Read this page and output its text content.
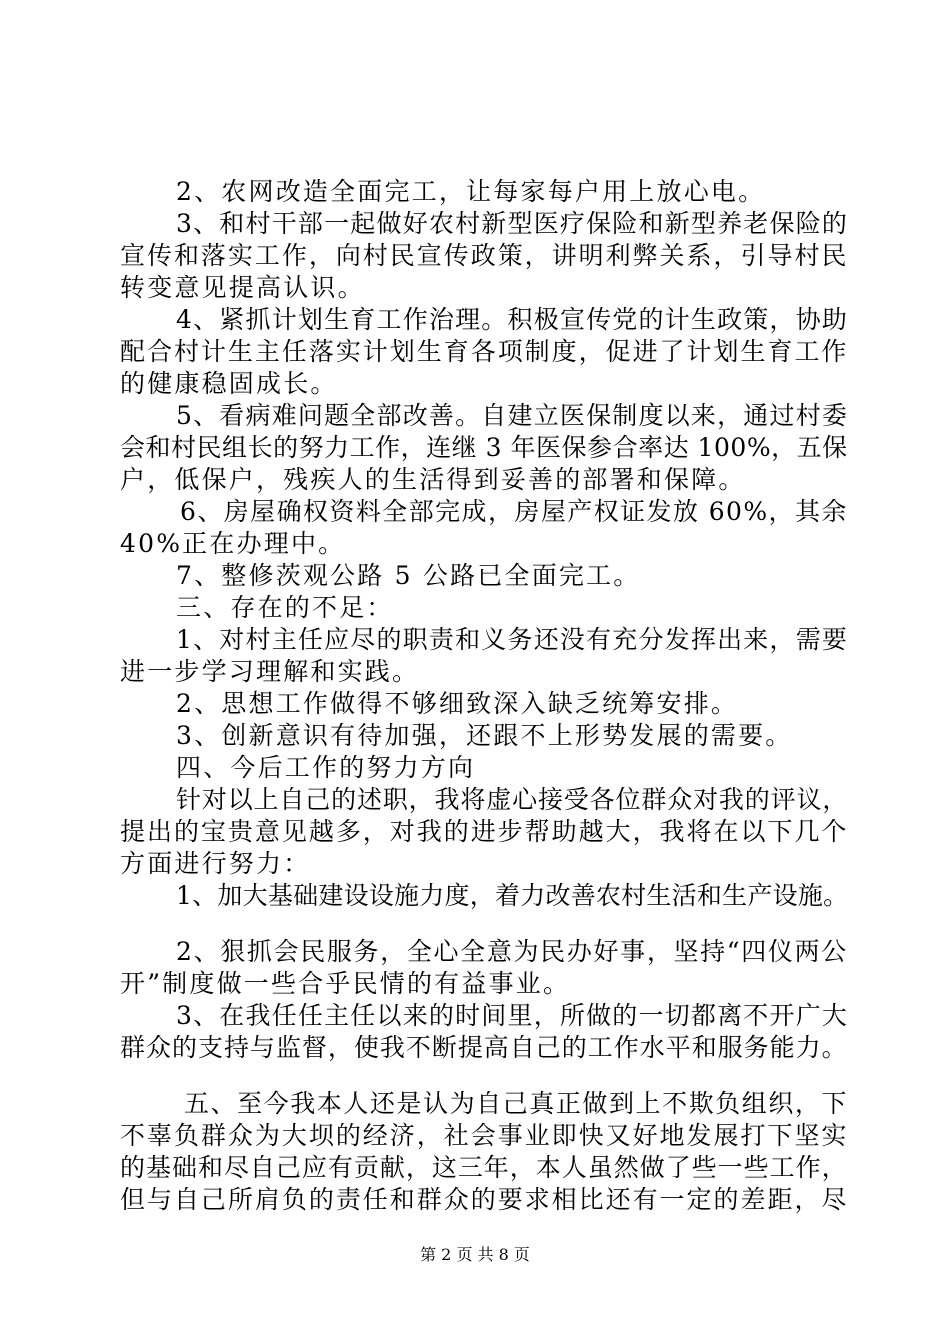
2、农网改造全面完工，让每家每户用上放心电。
3、和村干部一起做好农村新型医疗保险和新型养老保险的
宣传和落实工作，向村民宣传政策，讲明利弊关系，引导村民
转变意见提高认识。
4、紧抓计划生育工作治理。积极宣传党的计生政策，协助
配合村计生主任落实计划生育各项制度，促进了计划生育工作
的健康稳固成长。
5、看病难问题全部改善。自建立医保制度以来，通过村委
会和村民组长的努力工作，连继 3 年医保参合率达 100%，五保
户，低保户，残疾人的生活得到妥善的部署和保障。
6、房屋确权资料全部完成，房屋产权证发放 60%，其余
40%正在办理中。
7、整修茨观公路 5 公路已全面完工。
三、存在的不足：
1、对村主任应尽的职责和义务还没有充分发挥出来，需要
进一步学习理解和实践。
2、思想工作做得不够细致深入缺乏统筹安排。
3、创新意识有待加强，还跟不上形势发展的需要。
四、今后工作的努力方向
针对以上自己的述职，我将虚心接受各位群众对我的评议，
提出的宝贵意见越多，对我的进步帮助越大，我将在以下几个
方面进行努力：
1、加大基础建设设施力度，着力改善农村生活和生产设施。
2、狠抓会民服务，全心全意为民办好事，坚持“四仪两公
开”制度做一些合乎民情的有益事业。
3、在我任任主任以来的时间里，所做的一切都离不开广大
群众的支持与监督，使我不断提高自己的工作水平和服务能力。
五、至今我本人还是认为自己真正做到上不欺负组织，下
不辜负群众为大坝的经济，社会事业即快又好地发展打下坚实
的基础和尽自己应有贡献，这三年，本人虽然做了些一些工作，
但与自己所肩负的责任和群众的要求相比还有一定的差距，尽
第 2 页 共 8 页
